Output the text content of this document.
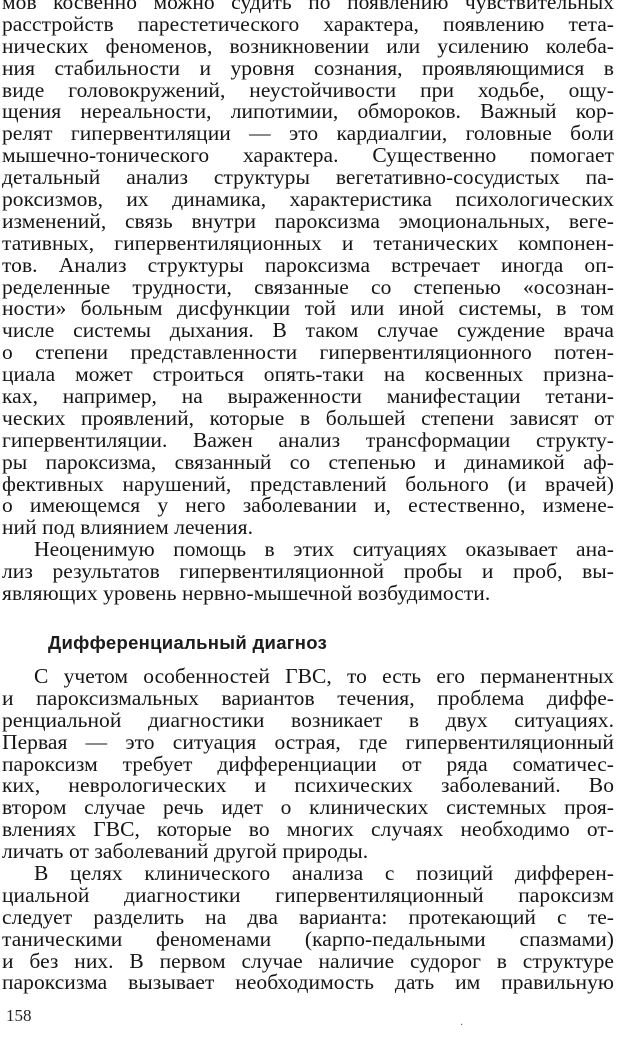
мов косвенно можно судить по появлению чувствительных
расстройств парестетического характера, появлению тета-
нических феноменов, возникновении или усилению колеба-
ния стабильности и уровня сознания, проявляющимися в
виде головокружений, неустойчивости при ходьбе, ощу-
щения нереальности, липотимии, обмороков. Важный кор-
релят гипервентиляции — это кардиалгии, головные боли
мышечно-тонического характера. Существенно помогает
детальный анализ структуры вегетативно-сосудистых па-
роксизмов, их динамика, характеристика психологических
изменений, связь внутри пароксизма эмоциональных, веге-
тативных, гипервентиляционных и тетанических компонен-
тов. Анализ структуры пароксизма встречает иногда оп-
ределенные трудности, связанные со степенью «осознан-
ности» больным дисфункции той или иной системы, в том
числе системы дыхания. В таком случае суждение врача
о степени представленности гипервентиляционного потен-
циала может строиться опять-таки на косвенных призна-
ках, например, на выраженности манифестации тетани-
ческих проявлений, которые в большей степени зависят от
гипервентиляции. Важен анализ трансформации структу-
ры пароксизма, связанный со степенью и динамикой аф-
фективных нарушений, представлений больного (и врачей)
о имеющемся у него заболевании и, естественно, измене-
ний под влиянием лечения.
Неоценимую помощь в этих ситуациях оказывает ана-
лиз результатов гипервентиляционной пробы и проб, вы-
являющих уровень нервно-мышечной возбудимости.
Дифференциальный диагноз
С учетом особенностей ГВС, то есть его перманентных
и пароксизмальных вариантов течения, проблема диффе-
ренциальной диагностики возникает в двух ситуациях.
Первая — это ситуация острая, где гипервентиляционный
пароксизм требует дифференциации от ряда соматичес-
ких, неврологических и психических заболеваний. Во
втором случае речь идет о клинических системных проя-
влениях ГВС, которые во многих случаях необходимо от-
личать от заболеваний другой природы.
В целях клинического анализа с позиций дифферен-
циальной диагностики гипервентиляционный пароксизм
следует разделить на два варианта: протекающий с те-
таническими феноменами (карпо-педальными спазмами)
и без них. В первом случае наличие судорог в структуре
пароксизма вызывает необходимость дать им правильную
158
·
